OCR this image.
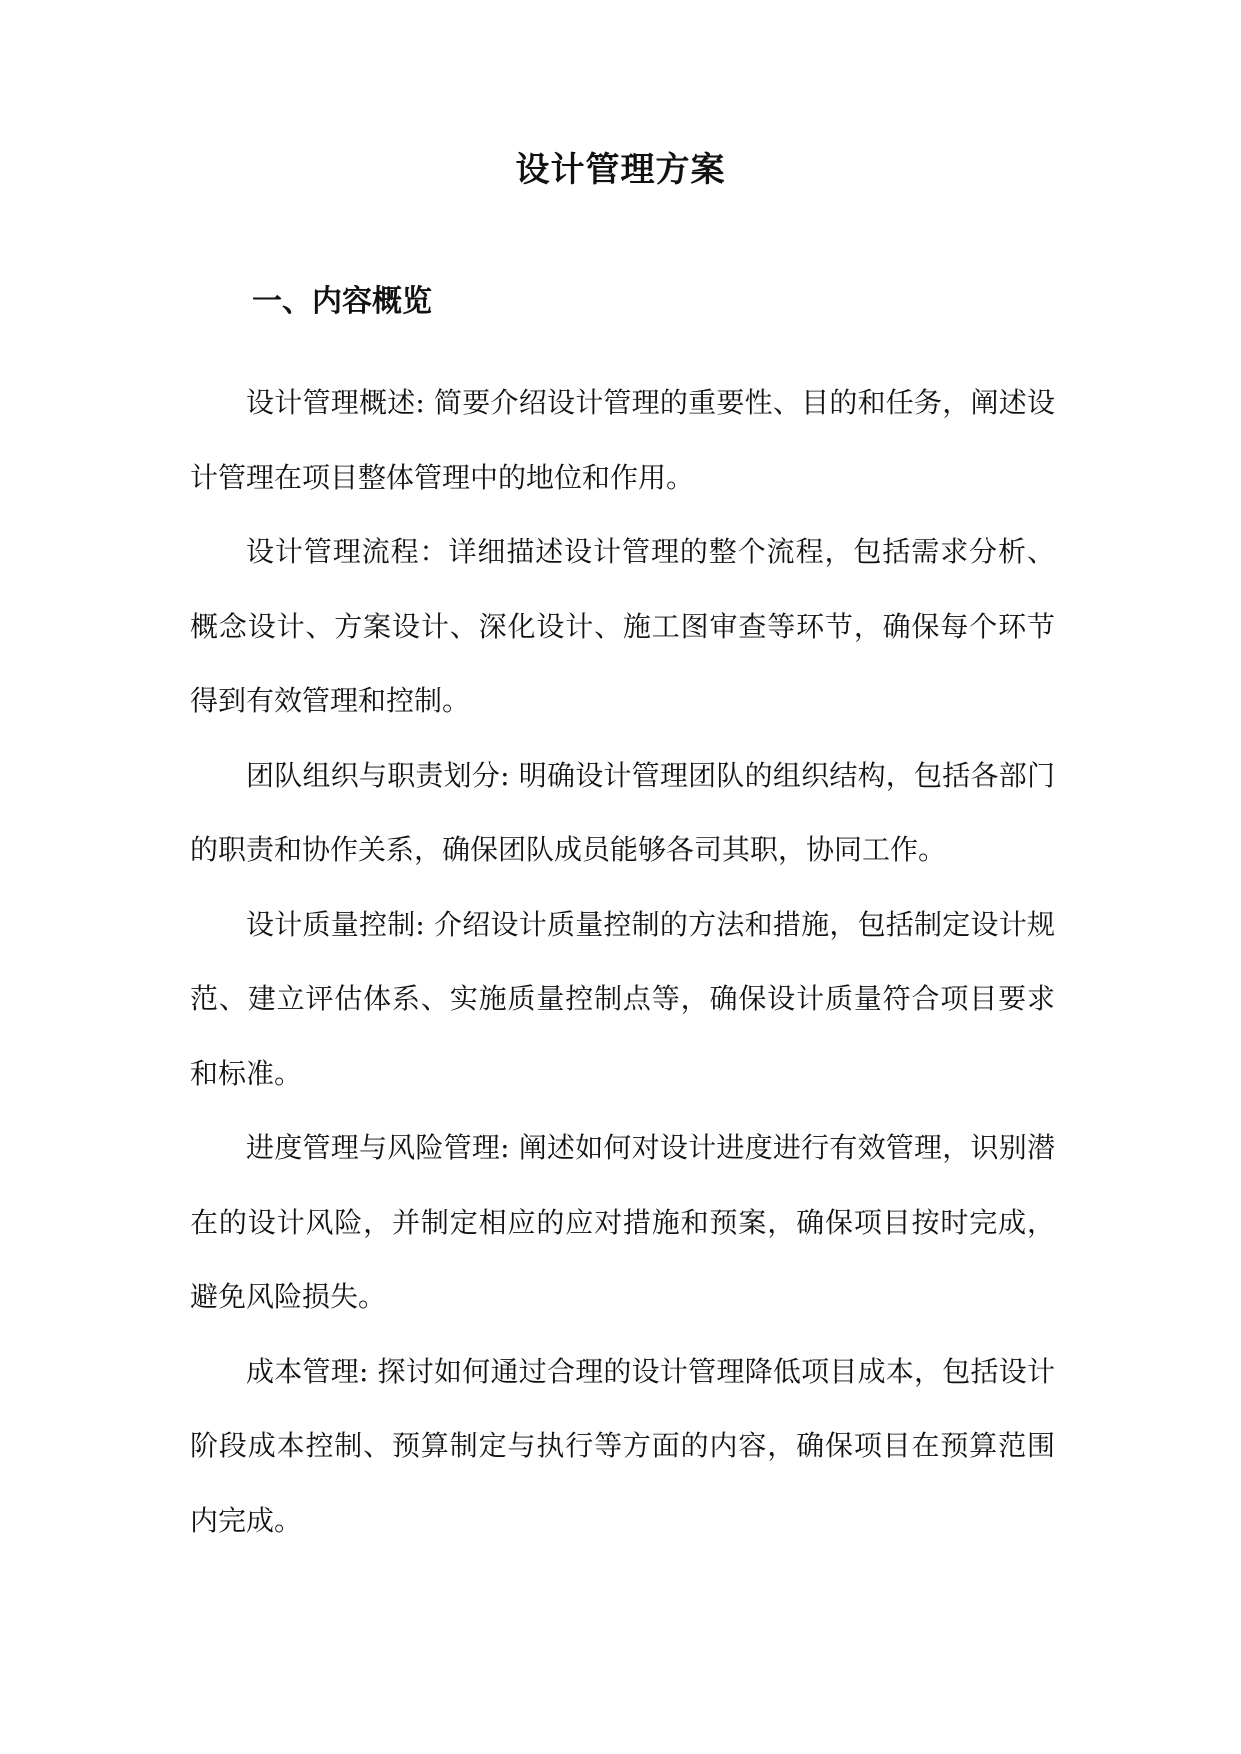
设计管理方案
一、内容概览

设计管理概述: 简要介绍设计管理的重要性、目的和任务，阐述设计管理在项目整体管理中的地位和作用。

设计管理流程：详细描述设计管理的整个流程，包括需求分析、概念设计、方案设计、深化设计、施工图审查等环节，确保每个环节得到有效管理和控制。

团队组织与职责划分: 明确设计管理团队的组织结构，包括各部门的职责和协作关系，确保团队成员能够各司其职，协同工作。

设计质量控制: 介绍设计质量控制的方法和措施，包括制定设计规范、建立评估体系、实施质量控制点等，确保设计质量符合项目要求和标准。

进度管理与风险管理: 阐述如何对设计进度进行有效管理，识别潜在的设计风险，并制定相应的应对措施和预案，确保项目按时完成，避免风险损失。

成本管理: 探讨如何通过合理的设计管理降低项目成本，包括设计阶段成本控制、预算制定与执行等方面的内容，确保项目在预算范围内完成。
